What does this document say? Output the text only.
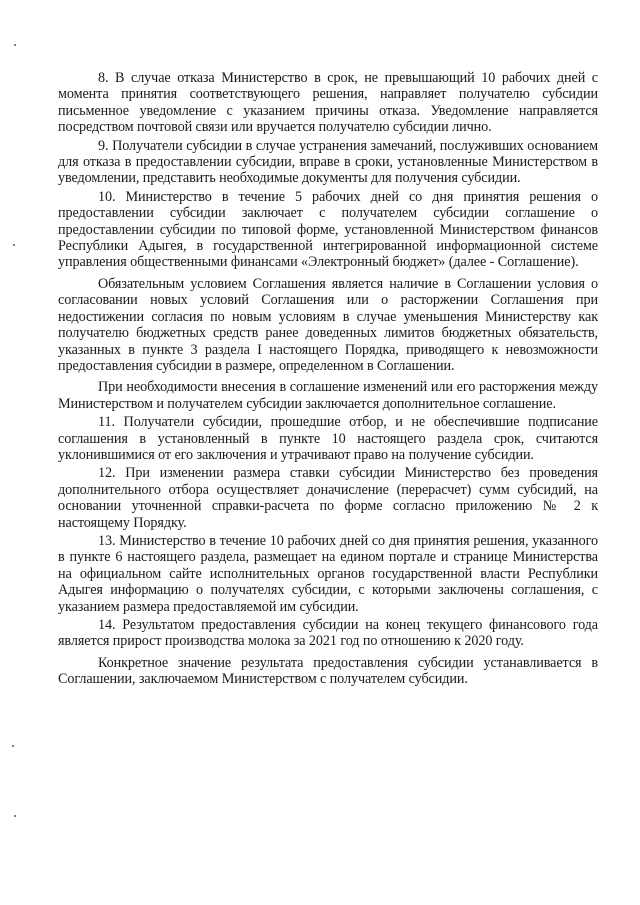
8. В случае отказа Министерство в срок, не превышающий 10 рабочих дней с момента принятия соответствующего решения, направляет получателю субсидии письменное уведомление с указанием причины отказа. Уведомление направляется посредством почтовой связи или вручается получателю субсидии лично.

9. Получатели субсидии в случае устранения замечаний, послуживших основанием для отказа в предоставлении субсидии, вправе в сроки, установленные Министерством в уведомлении, представить необходимые документы для получения субсидии.

10. Министерство в течение 5 рабочих дней со дня принятия решения о предоставлении субсидии заключает с получателем субсидии соглашение о предоставлении субсидии по типовой форме, установленной Министерством финансов Республики Адыгея, в государственной интегрированной информационной системе управления общественными финансами «Электронный бюджет» (далее - Соглашение).

Обязательным условием Соглашения является наличие в Соглашении условия о согласовании новых условий Соглашения или о расторжении Соглашения при недостижении согласия по новым условиям в случае уменьшения Министерству как получателю бюджетных средств ранее доведенных лимитов бюджетных обязательств, указанных в пункте 3 раздела I настоящего Порядка, приводящего к невозможности предоставления субсидии в размере, определенном в Соглашении.

При необходимости внесения в соглашение изменений или его расторжения между Министерством и получателем субсидии заключается дополнительное соглашение.

11. Получатели субсидии, прошедшие отбор, и не обеспечившие подписание соглашения в установленный в пункте 10 настоящего раздела срок, считаются уклонившимися от его заключения и утрачивают право на получение субсидии.

12. При изменении размера ставки субсидии Министерство без проведения дополнительного отбора осуществляет доначисление (перерасчет) сумм субсидий, на основании уточненной справки-расчета по форме согласно приложению № 2 к настоящему Порядку.

13. Министерство в течение 10 рабочих дней со дня принятия решения, указанного в пункте 6 настоящего раздела, размещает на едином портале и странице Министерства на официальном сайте исполнительных органов государственной власти Республики Адыгея информацию о получателях субсидии, с которыми заключены соглашения, с указанием размера предоставляемой им субсидии.

14. Результатом предоставления субсидии на конец текущего финансового года является прирост производства молока за 2021 год по отношению к 2020 году.

Конкретное значение результата предоставления субсидии устанавливается в Соглашении, заключаемом Министерством с получателем субсидии.
